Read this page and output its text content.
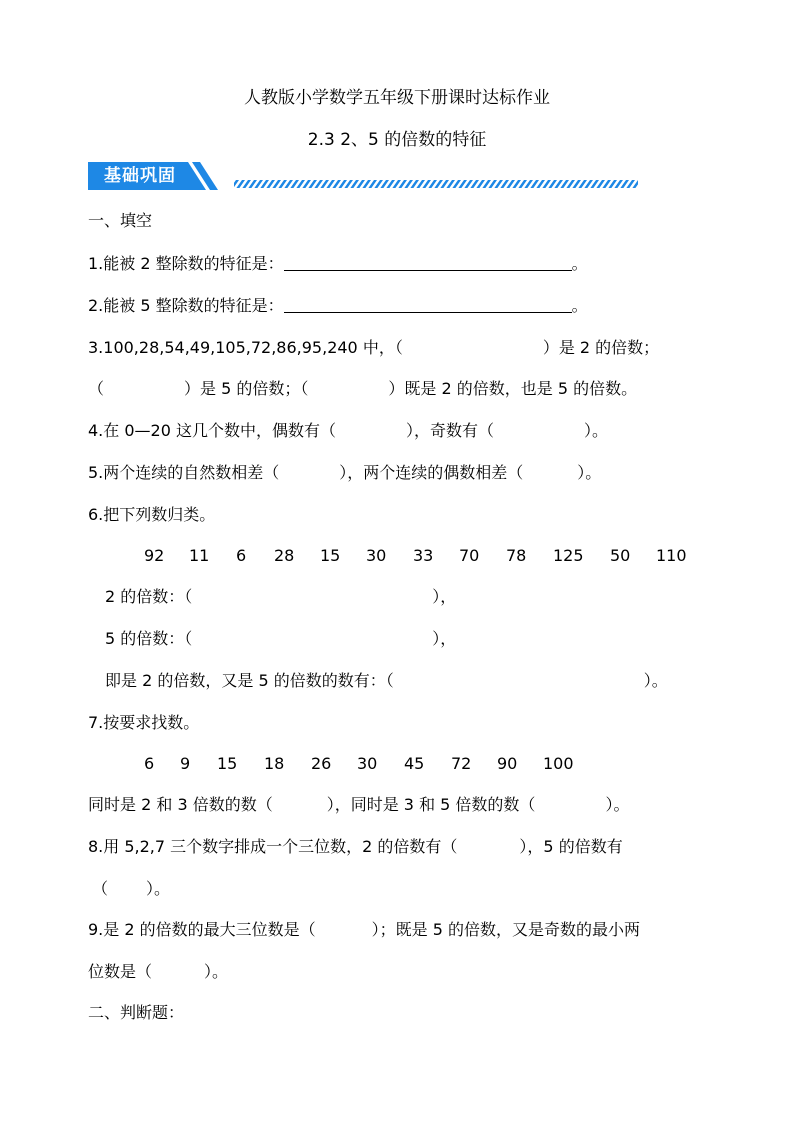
人教版小学数学五年级下册课时达标作业
2.3 2、5 的倍数的特征
基础巩固
一、填空
1.能被 2 整除数的特征是：	。
2.能被 5 整除数的特征是：	。
3.100,28,54,49,105,72,86,95,240 中，（	）是 2 的倍数；
（	）是 5 的倍数；（	）既是 2 的倍数，也是 5 的倍数。
4.在 0—20 这几个数中，偶数有（	），奇数有（	）。
5.两个连续的自然数相差（	），两个连续的偶数相差（	）。
6.把下列数归类。
92 11 6 28 15 30 33 70 78 125 50 110
2 的倍数：（	），
5 的倍数：（	），
即是 2 的倍数，又是 5 的倍数的数有：（	）。
7.按要求找数。
6 9 15 18 26 30 45 72 90 100
同时是 2 和 3 倍数的数（	），同时是 3 和 5 倍数的数（	）。
8.用 5,2,7 三个数字排成一个三位数，2 的倍数有（	），5 的倍数有
（ ）。
9.是 2 的倍数的最大三位数是（	）；既是 5 的倍数，又是奇数的最小两
位数是（	）。
二、判断题：
